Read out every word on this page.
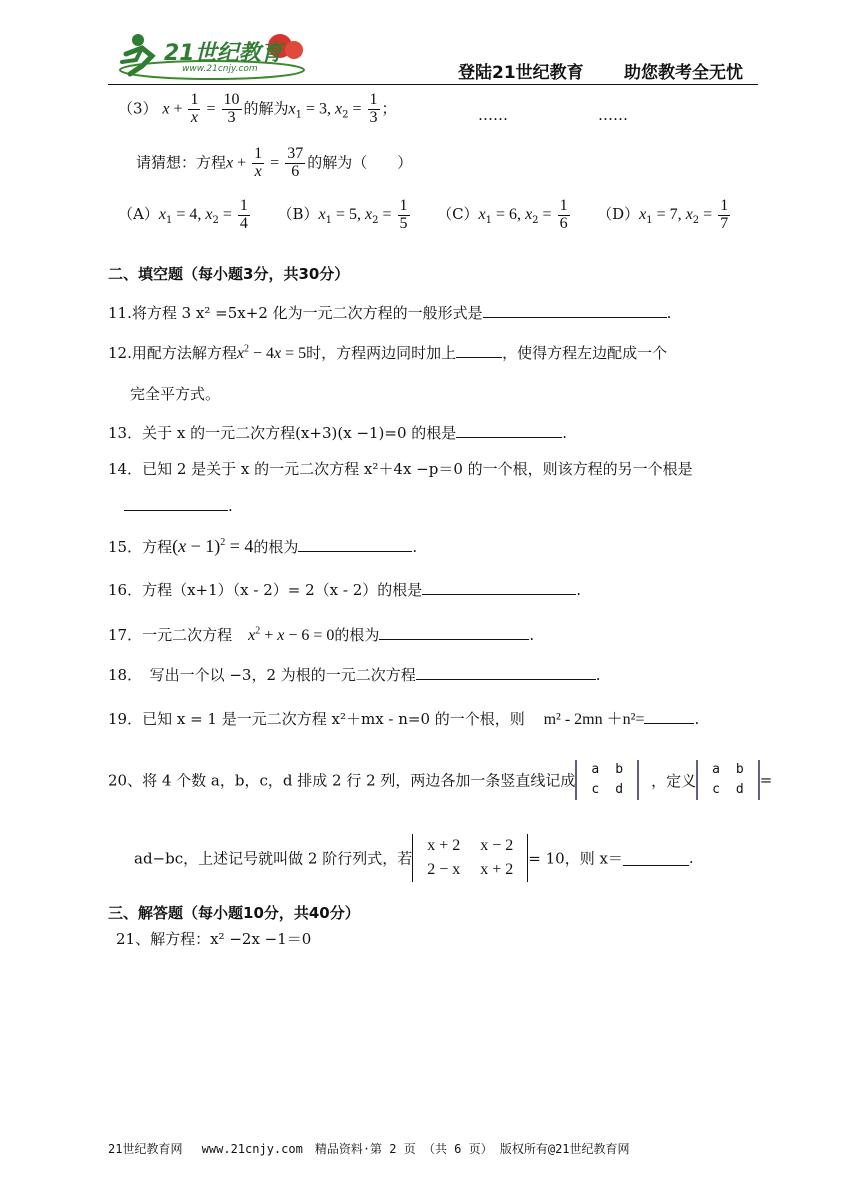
21世纪教育
www.21cnjy.com	登陆21世纪教育 助您教考全无忧
（3） $x + \frac{1}{x} = \frac{10}{3}$ 的解为$x_1 = 3$, $x_2 = \frac{1}{3}$ ；	……	……
请猜想：方程$x + \frac{1}{x} = \frac{37}{6}$ 的解为（　　）
$(A)x_1 = 4$, $x_2 = \frac{1}{4} (B)x_1 = 5$, $x_2 = \frac{1}{5} (C)x_1 = 6$, $x_2 = \frac{1}{6} (D)x_1 = 7$, $x_2 = \frac{1}{7}$
二、填空题（每小题3分，共30分）
11.将方程 3 x² =5x+2 化为一元二次方程的一般形式是	.
12.用配方法解方程$x^2 - 4x = 5$时，方程两边同时加上	，使得方程左边配成一个
完全平方式。
13．关于 x 的一元二次方程(x+3)(x −1)=0 的根是	.
14．已知 2 是关于 x 的一元二次方程 x²＋4x −p＝0 的一个根，则该方程的另一个根是
.
15．方程$(x - 1)^2 = 4$的根为	.
16．方程（x+1）（x - 2）= 2（x - 2）的根是	.
17．一元二次方程　 $x^2 + x - 6 = 0$的根为	.
18．　写出一个以 −3，2 为根的一元二次方程	.
19．已知 x = 1 是一元二次方程 x²＋mx - n=0 的一个根，则 m² - 2mn ＋n²=	.
20、将 4 个数 a，b，c，d 排成 2 行 2 列，两边各加一条竖直线记成
a	b
c	d ，定义
a	b
c	d
=
ad−bc，上述记号就叫做 2 阶行列式，若
x + 2	x − 2
2 − x	x + 2
= 10，则 x＝	.
三、解答题（每小题10分，共40分）
21、解方程：x² −2x −1＝0
21世纪教育网　 www.21cnjy.com　精品资料·第 2 页 （共 6 页） 版权所有@21世纪教育网
